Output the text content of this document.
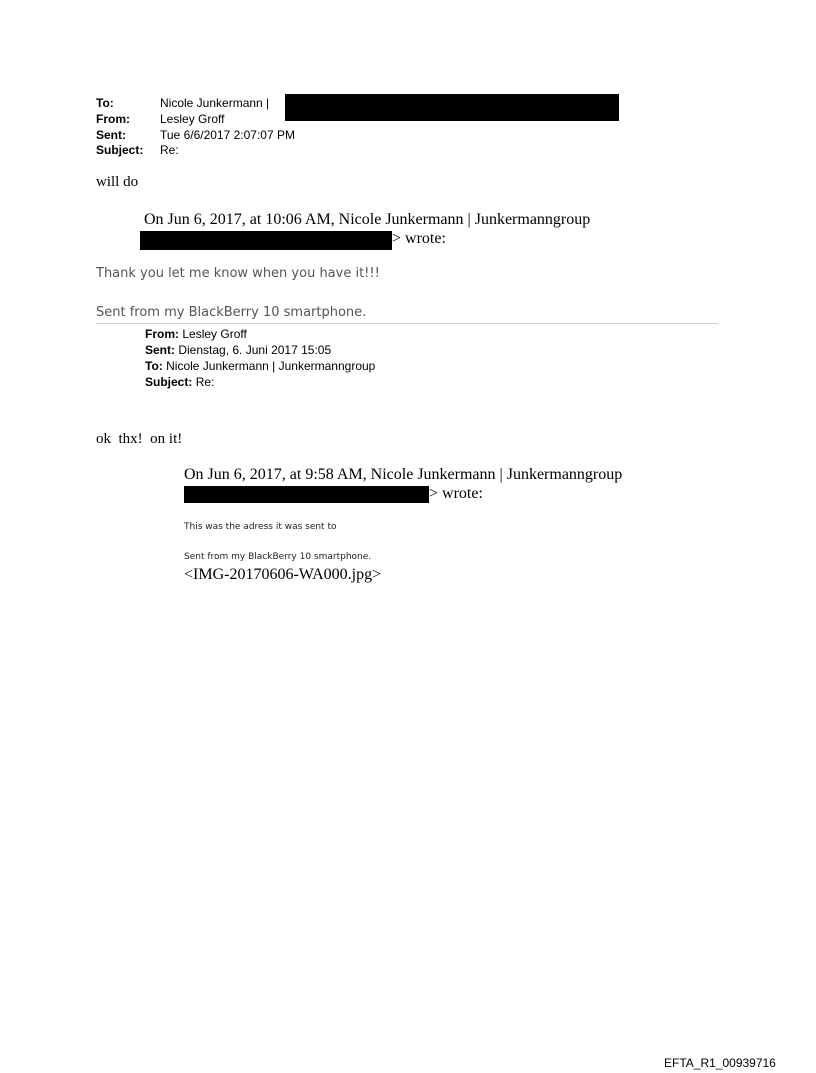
To:	Nicole Junkermann |
From:	Lesley Groff
Sent:	Tue 6/6/2017 2:07:07 PM
Subject: Re:
will do
On Jun 6, 2017, at 10:06 AM, Nicole Junkermann | Junkermanngroup
> wrote:
Thank you let me know when you have it!!!
Sent from my BlackBerry 10 smartphone.
From: Lesley Groff
Sent: Dienstag, 6. Juni 2017 15:05
To: Nicole Junkermann | Junkermanngroup
Subject: Re:
ok  thx!  on it!
On Jun 6, 2017, at 9:58 AM, Nicole Junkermann | Junkermanngroup
> wrote:
This was the adress it was sent to
Sent from my BlackBerry 10 smartphone.
<IMG-20170606-WA000.jpg>
EFTA_R1_00939716
